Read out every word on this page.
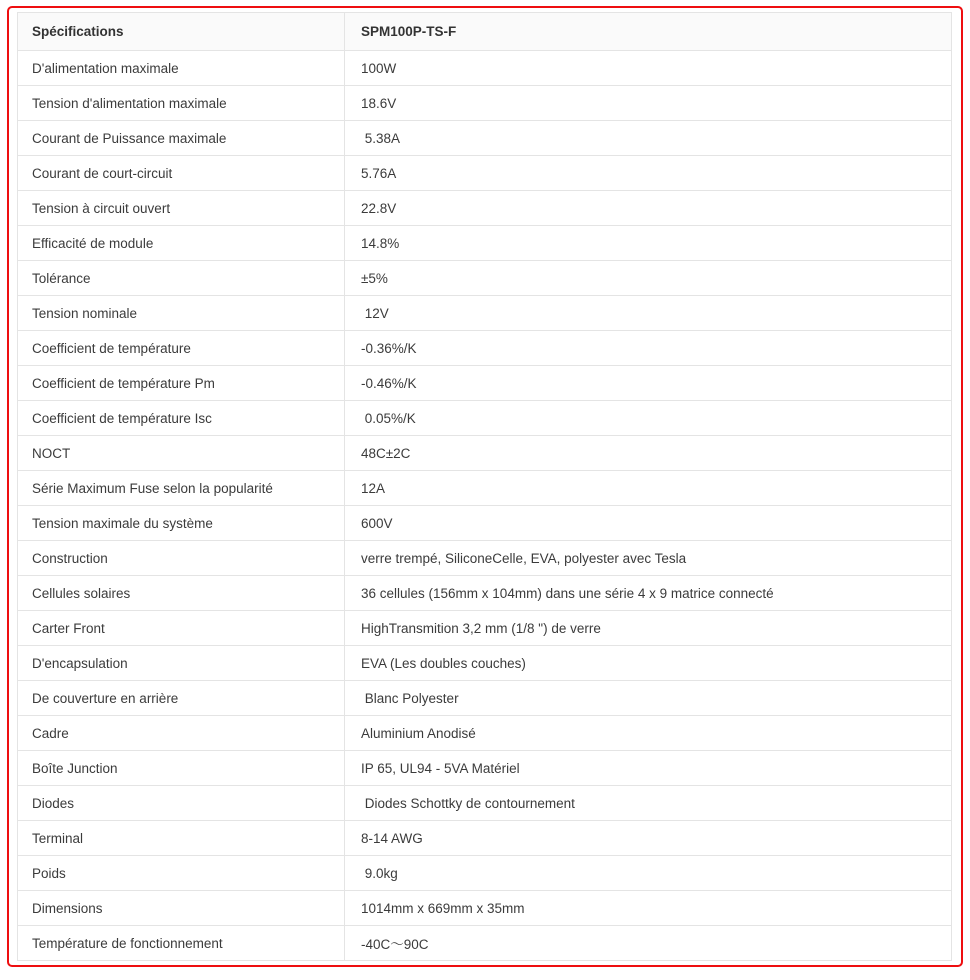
Spécifications	SPM100P-TS-F
D'alimentation maximale	100W
Tension d'alimentation maximale	18.6V
Courant de Puissance maximale	5.38A
Courant de court-circuit	5.76A
Tension à circuit ouvert	22.8V
Efficacité de module	14.8%
Tolérance	±5%
Tension nominale	12V
Coefficient de température	-0.36%/K
Coefficient de température Pm	-0.46%/K
Coefficient de température Isc	0.05%/K
NOCT	48C±2C
Série Maximum Fuse selon la popularité	12A
Tension maximale du système	600V
Construction	verre trempé, SiliconeCelle, EVA, polyester avec Tesla
Cellules solaires	36 cellules (156mm x 104mm) dans une série 4 x 9 matrice connecté
Carter Front	HighTransmition 3,2 mm (1/8 ") de verre
D'encapsulation	EVA (Les doubles couches)
De couverture en arrière	Blanc Polyester
Cadre	Aluminium Anodisé
Boîte Junction	IP 65, UL94 - 5VA Matériel
Diodes	Diodes Schottky de contournement
Terminal	8-14 AWG
Poids	9.0kg
Dimensions	1014mm x 669mm x 35mm
Température de fonctionnement	-40C～90C
